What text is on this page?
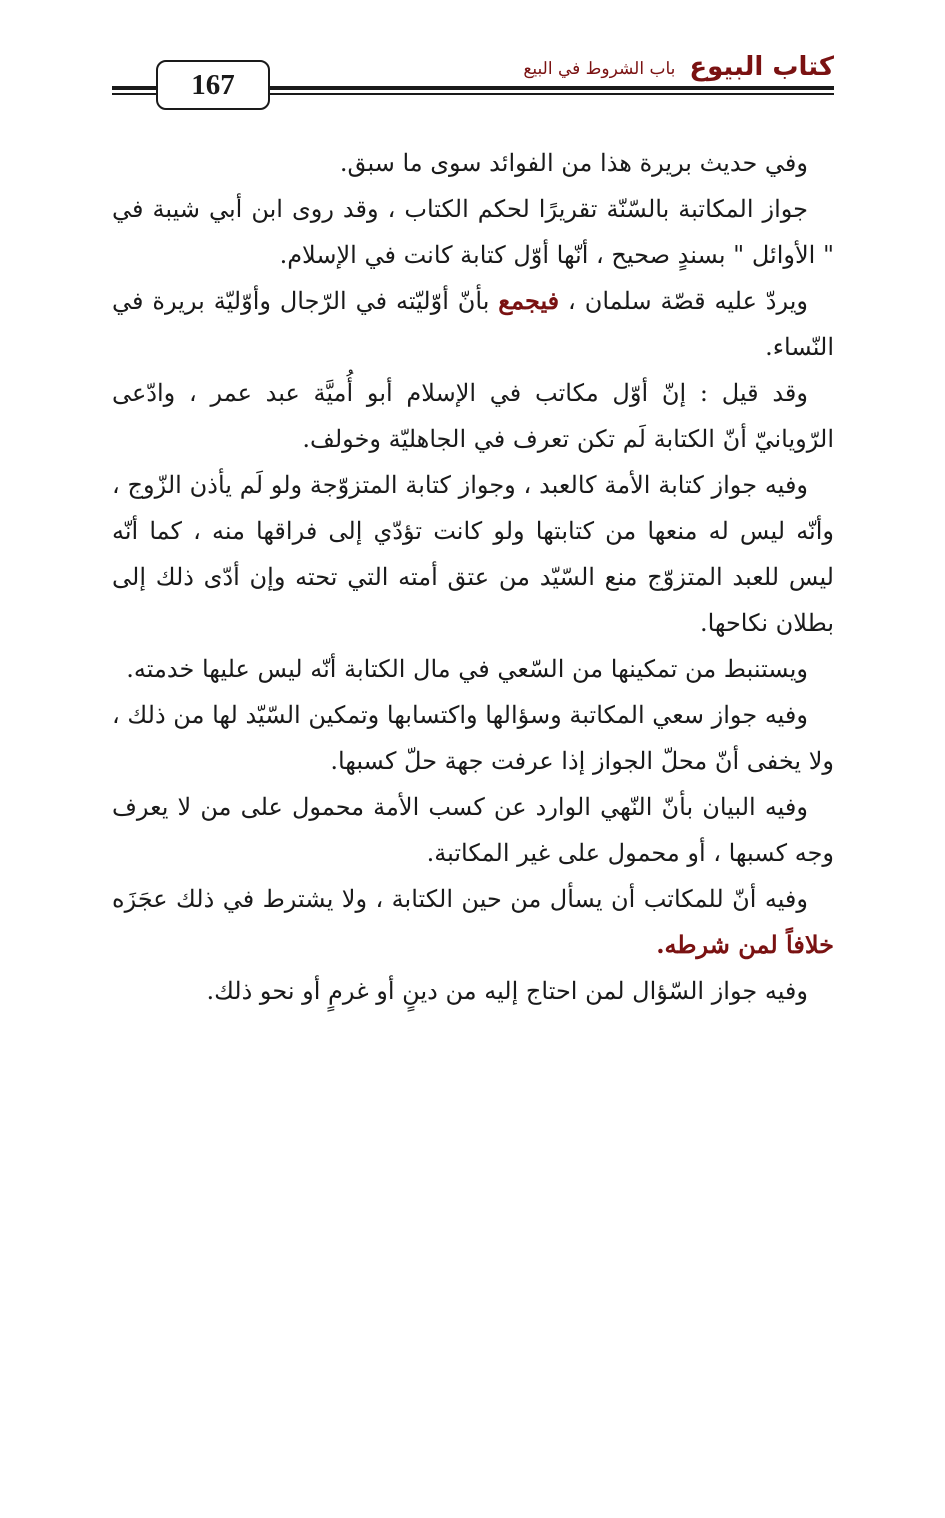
167
كتاب البيوع
باب الشروط في البيع

وفي حديث بريرة هذا من الفوائد سوى ما سبق.

جواز المكاتبة بالسّنّة تقريرًا لحكم الكتاب ، وقد روى ابن أبي شيبة في " الأوائل " بسندٍ صحيح ، أنّها أوّل كتابة كانت في الإسلام.

ويردّ عليه قصّة سلمان ، فيجمع بأنّ أوّليّته في الرّجال وأوّليّة بريرة في النّساء.

وقد قيل : إنّ أوّل مكاتب في الإسلام أبو أُميَّة عبد عمر ، وادّعى الرّويانيّ أنّ الكتابة لَم تكن تعرف في الجاهليّة وخولف.

وفيه جواز كتابة الأمة كالعبد ، وجواز كتابة المتزوّجة ولو لَم يأذن الزّوج ، وأنّه ليس له منعها من كتابتها ولو كانت تؤدّي إلى فراقها منه ، كما أنّه ليس للعبد المتزوّج منع السّيّد من عتق أمته التي تحته وإن أدّى ذلك إلى بطلان نكاحها.

ويستنبط من تمكينها من السّعي في مال الكتابة أنّه ليس عليها خدمته.

وفيه جواز سعي المكاتبة وسؤالها واكتسابها وتمكين السّيّد لها من ذلك ، ولا يخفى أنّ محلّ الجواز إذا عرفت جهة حلّ كسبها.

وفيه البيان بأنّ النّهي الوارد عن كسب الأمة محمول على من لا يعرف وجه كسبها ، أو محمول على غير المكاتبة.

وفيه أنّ للمكاتب أن يسأل من حين الكتابة ، ولا يشترط في ذلك عجَزَه خلافاً لمن شرطه.

وفيه جواز السّؤال لمن احتاج إليه من دينٍ أو غرمٍ أو نحو ذلك.
